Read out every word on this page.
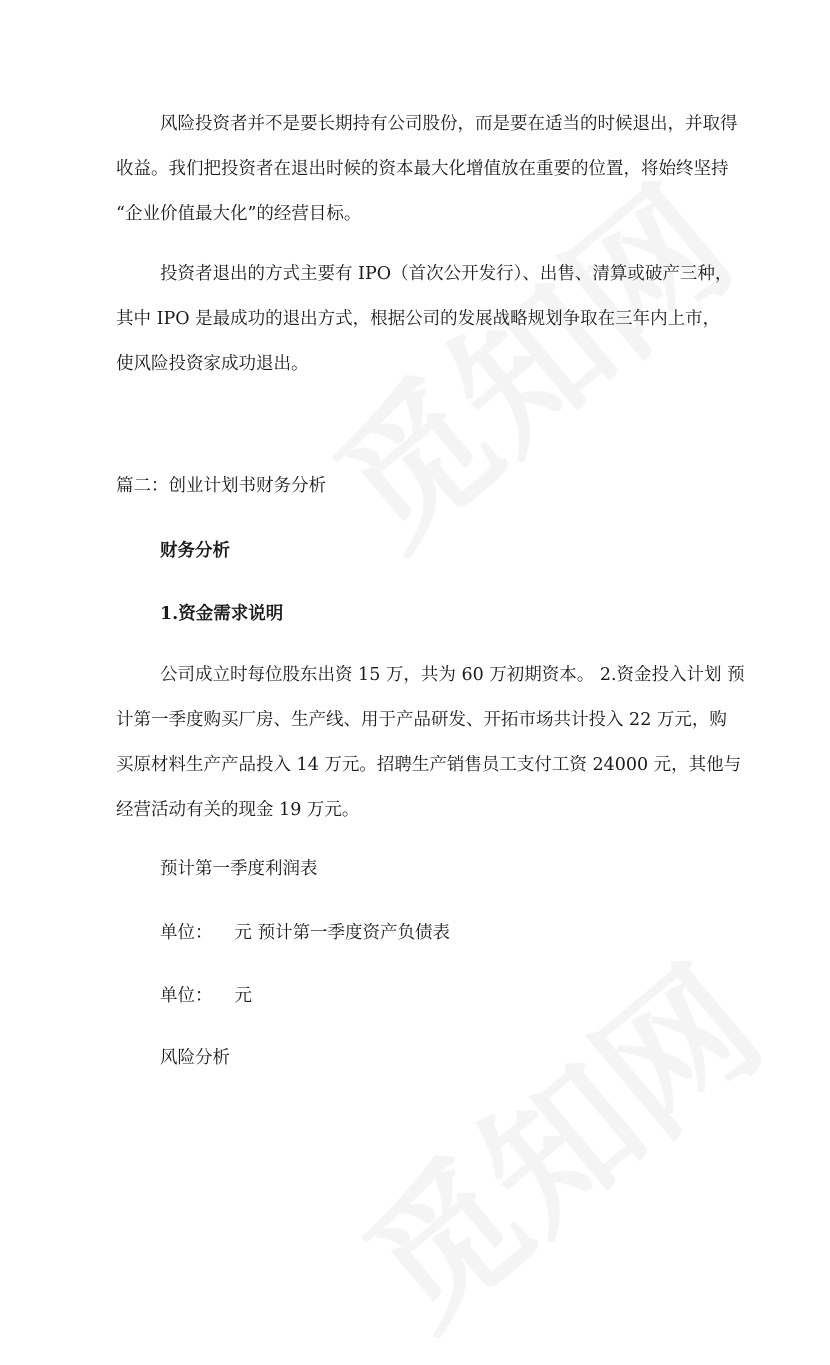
风险投资者并不是要长期持有公司股份，而是要在适当的时候退出，并取得
收益。我们把投资者在退出时候的资本最大化增值放在重要的位置，将始终坚持
“企业价值最大化”的经营目标。
投资者退出的方式主要有 IPO（首次公开发行）、出售、清算或破产三种，
其中 IPO 是最成功的退出方式，根据公司的发展战略规划争取在三年内上市，
使风险投资家成功退出。
篇二：创业计划书财务分析
财务分析
1.资金需求说明
公司成立时每位股东出资 15 万，共为 60 万初期资本。 2.资金投入计划 预
计第一季度购买厂房、生产线、用于产品研发、开拓市场共计投入 22 万元，购
买原材料生产产品投入 14 万元。招聘生产销售员工支付工资 24000 元，其他与
经营活动有关的现金 19 万元。
预计第一季度利润表
单位： 元 预计第一季度资产负债表
单位： 元
风险分析
